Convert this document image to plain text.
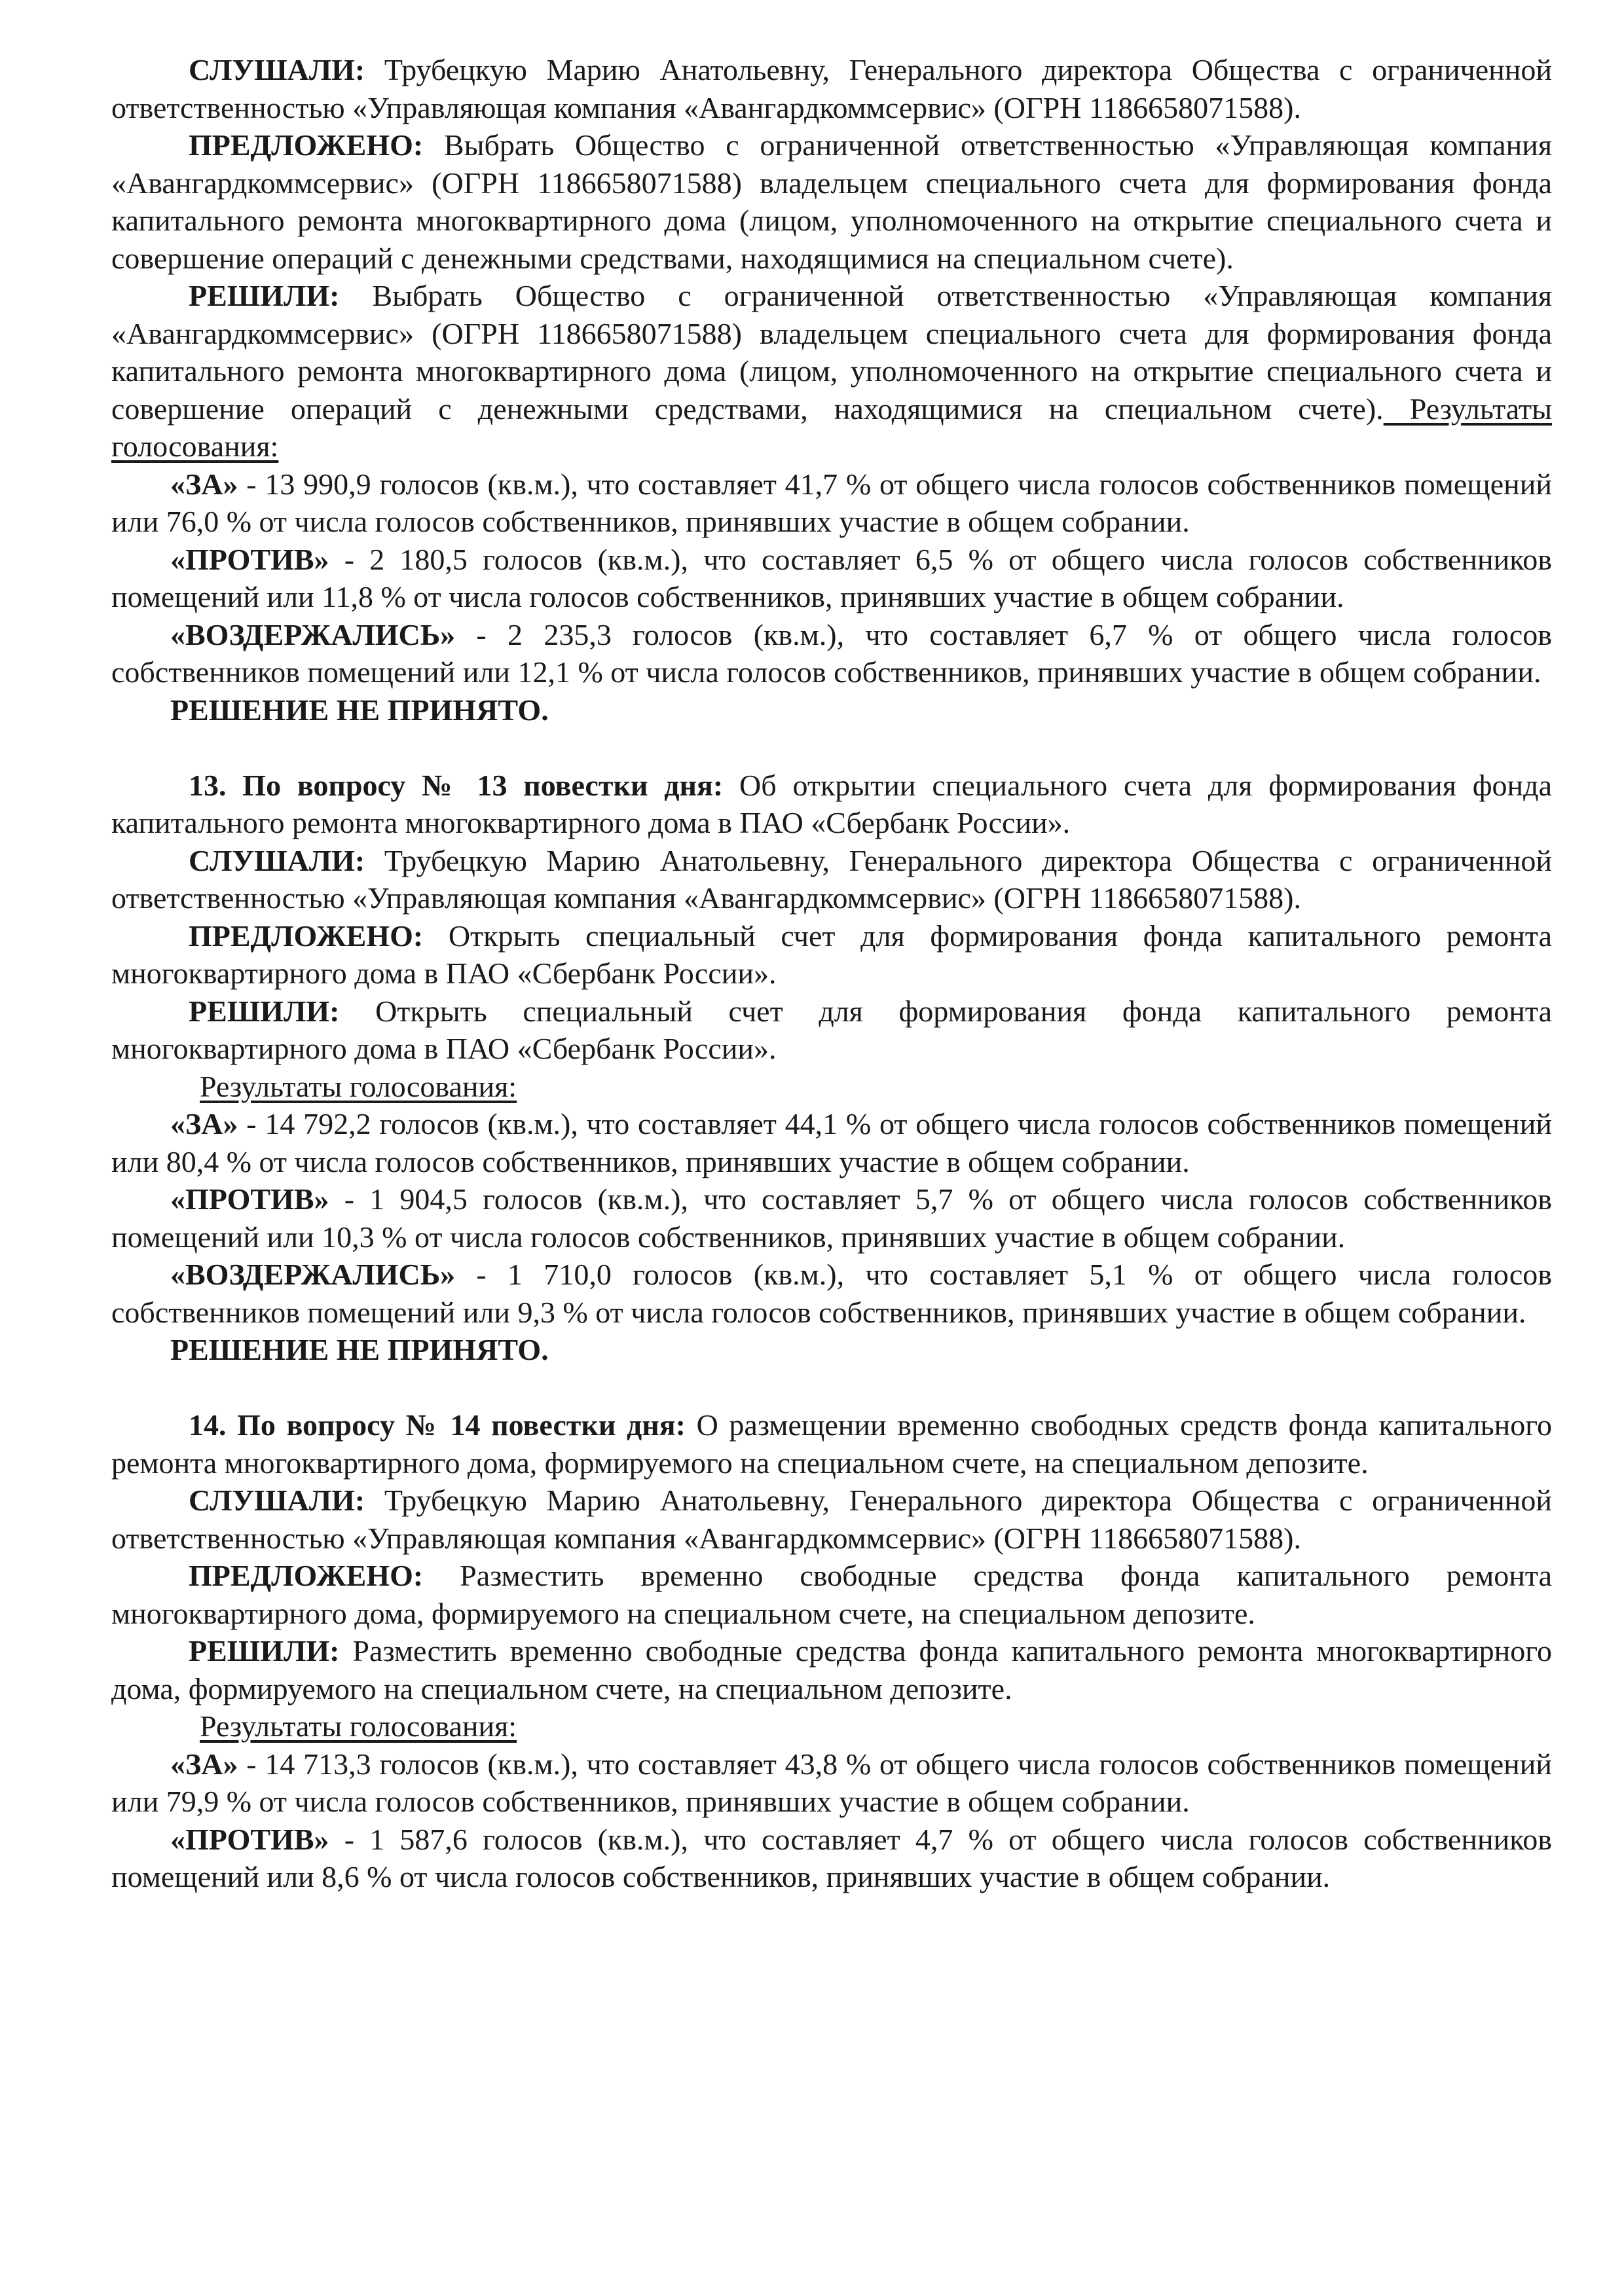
СЛУШАЛИ: Трубецкую Марию Анатольевну, Генерального директора Общества с ограниченной ответственностью «Управляющая компания «Авангардкоммсервис» (ОГРН 1186658071588).

ПРЕДЛОЖЕНО: Выбрать Общество с ограниченной ответственностью «Управляющая компания «Авангардкоммсервис» (ОГРН 1186658071588) владельцем специального счета для формирования фонда капитального ремонта многоквартирного дома (лицом, уполномоченного на открытие специального счета и совершение операций с денежными средствами, находящимися на специальном счете).

РЕШИЛИ: Выбрать Общество с ограниченной ответственностью «Управляющая компания «Авангардкоммсервис» (ОГРН 1186658071588) владельцем специального счета для формирования фонда капитального ремонта многоквартирного дома (лицом, уполномоченного на открытие специального счета и совершение операций с денежными средствами, находящимися на специальном счете). Результаты голосования:

«ЗА» - 13 990,9 голосов (кв.м.), что составляет 41,7 % от общего числа голосов собственников помещений или 76,0 % от числа голосов собственников, принявших участие в общем собрании.

«ПРОТИВ» - 2 180,5 голосов (кв.м.), что составляет 6,5 % от общего числа голосов собственников помещений или 11,8 % от числа голосов собственников, принявших участие в общем собрании.

«ВОЗДЕРЖАЛИСЬ» - 2 235,3 голосов (кв.м.), что составляет 6,7 % от общего числа голосов собственников помещений или 12,1 % от числа голосов собственников, принявших участие в общем собрании.

РЕШЕНИЕ НЕ ПРИНЯТО.

13. По вопросу № 13 повестки дня: Об открытии специального счета для формирования фонда капитального ремонта многоквартирного дома в ПАО «Сбербанк России».

СЛУШАЛИ: Трубецкую Марию Анатольевну, Генерального директора Общества с ограниченной ответственностью «Управляющая компания «Авангардкоммсервис» (ОГРН 1186658071588).

ПРЕДЛОЖЕНО: Открыть специальный счет для формирования фонда капитального ремонта многоквартирного дома в ПАО «Сбербанк России».

РЕШИЛИ: Открыть специальный счет для формирования фонда капитального ремонта многоквартирного дома в ПАО «Сбербанк России».

Результаты голосования:

«ЗА» - 14 792,2 голосов (кв.м.), что составляет 44,1 % от общего числа голосов собственников помещений или 80,4 % от числа голосов собственников, принявших участие в общем собрании.

«ПРОТИВ» - 1 904,5 голосов (кв.м.), что составляет 5,7 % от общего числа голосов собственников помещений или 10,3 % от числа голосов собственников, принявших участие в общем собрании.

«ВОЗДЕРЖАЛИСЬ» - 1 710,0 голосов (кв.м.), что составляет 5,1 % от общего числа голосов собственников помещений или 9,3 % от числа голосов собственников, принявших участие в общем собрании.

РЕШЕНИЕ НЕ ПРИНЯТО.

14. По вопросу № 14 повестки дня: О размещении временно свободных средств фонда капитального ремонта многоквартирного дома, формируемого на специальном счете, на специальном депозите.

СЛУШАЛИ: Трубецкую Марию Анатольевну, Генерального директора Общества с ограниченной ответственностью «Управляющая компания «Авангардкоммсервис» (ОГРН 1186658071588).

ПРЕДЛОЖЕНО: Разместить временно свободные средства фонда капитального ремонта многоквартирного дома, формируемого на специальном счете, на специальном депозите.

РЕШИЛИ: Разместить временно свободные средства фонда капитального ремонта многоквартирного дома, формируемого на специальном счете, на специальном депозите.

Результаты голосования:

«ЗА» - 14 713,3 голосов (кв.м.), что составляет 43,8 % от общего числа голосов собственников помещений или 79,9 % от числа голосов собственников, принявших участие в общем собрании.

«ПРОТИВ» - 1 587,6 голосов (кв.м.), что составляет 4,7 % от общего числа голосов собственников помещений или 8,6 % от числа голосов собственников, принявших участие в общем собрании.
